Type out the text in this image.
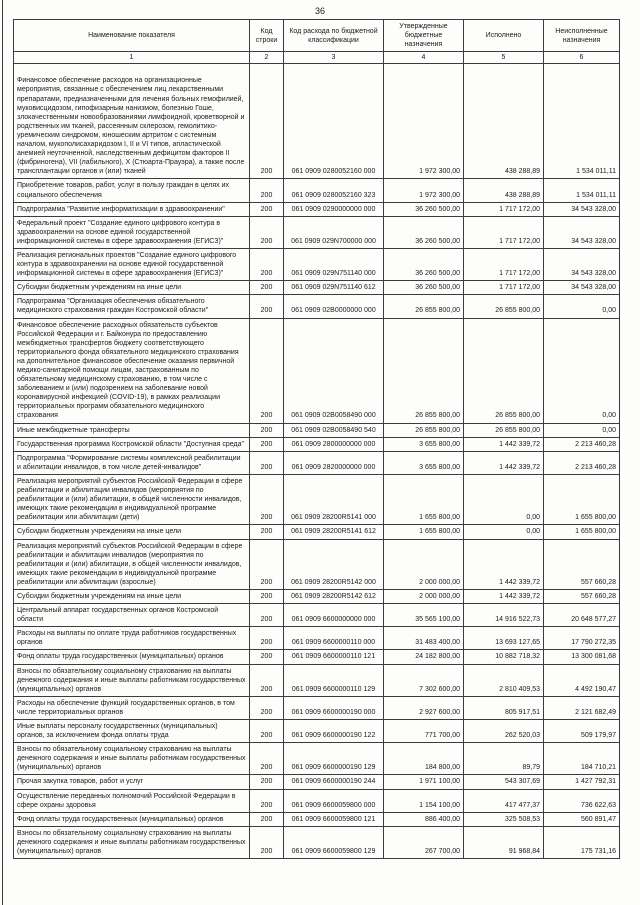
36
Наименование показателя	Код строки	Код расхода по бюджетной классификации	Утвержденные бюджетные назначения	Исполнено	Неисполненные назначения
1	2	3	4	5	6
Финансовое обеспечение расходов на организационные мероприятия, связанные с обеспечением лиц лекарственными препаратами, предназначенными для лечения больных гемофилией, муковисцидозом, гипофизарным нанизмом, болезнью Гоше, злокачественными новообразованиями лимфоидной, кроветворной и родственных им тканей, рассеянным склерозом, гемолитико-уремическим синдромом, юношеским артритом с системным началом, мукополисахаридозом I, II и VI типов, апластической анемией неуточненной, наследственным дефицитом факторов II (фибриногена), VII (лабильного), X (Стюарта-Прауэра), а также после трансплантации органов и (или) тканей	200	061 0909 0280052160 000	1 972 300,00	438 288,89	1 534 011,11
Приобретение товаров, работ, услуг в пользу граждан в целях их социального обеспечения	200	061 0909 0280052160 323	1 972 300,00	438 288,89	1 534 011,11
Подпрограмма "Развитие информатизации в здравоохранении"	200	061 0909 0290000000 000	36 260 500,00	1 717 172,00	34 543 328,00
Федеральный проект "Создание единого цифрового контура в здравоохранении на основе единой государственной информационной системы в сфере здравоохранения (ЕГИСЗ)"	200	061 0909 029N700000 000	36 260 500,00	1 717 172,00	34 543 328,00
Реализация региональных проектов "Создание единого цифрового контура в здравоохранении на основе единой государственной информационной системы в сфере здравоохранения (ЕГИСЗ)"	200	061 0909 029N751140 000	36 260 500,00	1 717 172,00	34 543 328,00
Субсидии бюджетным учреждениям на иные цели	200	061 0909 029N751140 612	36 260 500,00	1 717 172,00	34 543 328,00
Подпрограмма "Организация обеспечения обязательного медицинского страхования граждан Костромской области"	200	061 0909 02В0000000 000	26 855 800,00	26 855 800,00	0,00
Финансовое обеспечение расходных обязательств субъектов Российской Федерации и г. Байконура по предоставлению межбюджетных трансфертов бюджету соответствующего территориального фонда обязательного медицинского страхования на дополнительное финансовое обеспечение оказания первичной медико-санитарной помощи лицам, застрахованным по обязательному медицинскому страхованию, в том числе с заболеванием и (или) подозрением на заболевание новой коронавирусной инфекцией (COVID-19), в рамках реализации территориальных программ обязательного медицинского страхования	200	061 0909 02В0058490 000	26 855 800,00	26 855 800,00	0,00
Иные межбюджетные трансферты	200	061 0909 02В0058490 540	26 855 800,00	26 855 800,00	0,00
Государственная программа Костромской области "Доступная среда"	200	061 0909 2800000000 000	3 655 800,00	1 442 339,72	2 213 460,28
Подпрограмма "Формирование системы комплексной реабилитации и абилитации инвалидов, в том числе детей-инвалидов"	200	061 0909 2820000000 000	3 655 800,00	1 442 339,72	2 213 460,28
Реализация мероприятий субъектов Российской Федерации в сфере реабилитации и абилитации инвалидов (мероприятия по реабилитации и (или) абилитации, в общей численности инвалидов, имеющих такие рекомендации в индивидуальной программе реабилитации или абилитации (дети)	200	061 0909 28200R5141 000	1 655 800,00	0,00	1 655 800,00
Субсидии бюджетным учреждениям на иные цели	200	061 0909 28200R5141 612	1 655 800,00	0,00	1 655 800,00
Реализация мероприятий субъектов Российской Федерации в сфере реабилитации и абилитации инвалидов (мероприятия по реабилитации и (или) абилитации, в общей численности инвалидов, имеющих такие рекомендации в индивидуальной программе реабилитации или абилитации (взрослые)	200	061 0909 28200R5142 000	2 000 000,00	1 442 339,72	557 660,28
Субсидии бюджетным учреждениям на иные цели	200	061 0909 28200R5142 612	2 000 000,00	1 442 339,72	557 660,28
Центральный аппарат государственных органов Костромской области	200	061 0909 6600000000 000	35 565 100,00	14 916 522,73	20 648 577,27
Расходы на выплаты по оплате труда работников государственных органов	200	061 0909 6600000110 000	31 483 400,00	13 693 127,65	17 790 272,35
Фонд оплаты труда государственных (муниципальных) органов	200	061 0909 6600000110 121	24 182 800,00	10 882 718,32	13 300 081,68
Взносы по обязательному социальному страхованию на выплаты денежного содержания и иные выплаты работникам государственных (муниципальных) органов	200	061 0909 6600000110 129	7 302 600,00	2 810 409,53	4 492 190,47
Расходы на обеспечение функций государственных органов, в том числе территориальных органов	200	061 0909 6600000190 000	2 927 600,00	805 917,51	2 121 682,49
Иные выплаты персоналу государственных (муниципальных) органов, за исключением фонда оплаты труда	200	061 0909 6600000190 122	771 700,00	262 520,03	509 179,97
Взносы по обязательному социальному страхованию на выплаты денежного содержания и иные выплаты работникам государственных (муниципальных) органов	200	061 0909 6600000190 129	184 800,00	89,79	184 710,21
Прочая закупка товаров, работ и услуг	200	061 0909 6600000190 244	1 971 100,00	543 307,69	1 427 792,31
Осуществление переданных полномочий Российской Федерации в сфере охраны здоровья	200	061 0909 6600059800 000	1 154 100,00	417 477,37	736 622,63
Фонд оплаты труда государственных (муниципальных) органов	200	061 0909 6600059800 121	886 400,00	325 508,53	560 891,47
Взносы по обязательному социальному страхованию на выплаты денежного содержания и иные выплаты работникам государственных (муниципальных) органов	200	061 0909 6600059800 129	267 700,00	91 968,84	175 731,16
